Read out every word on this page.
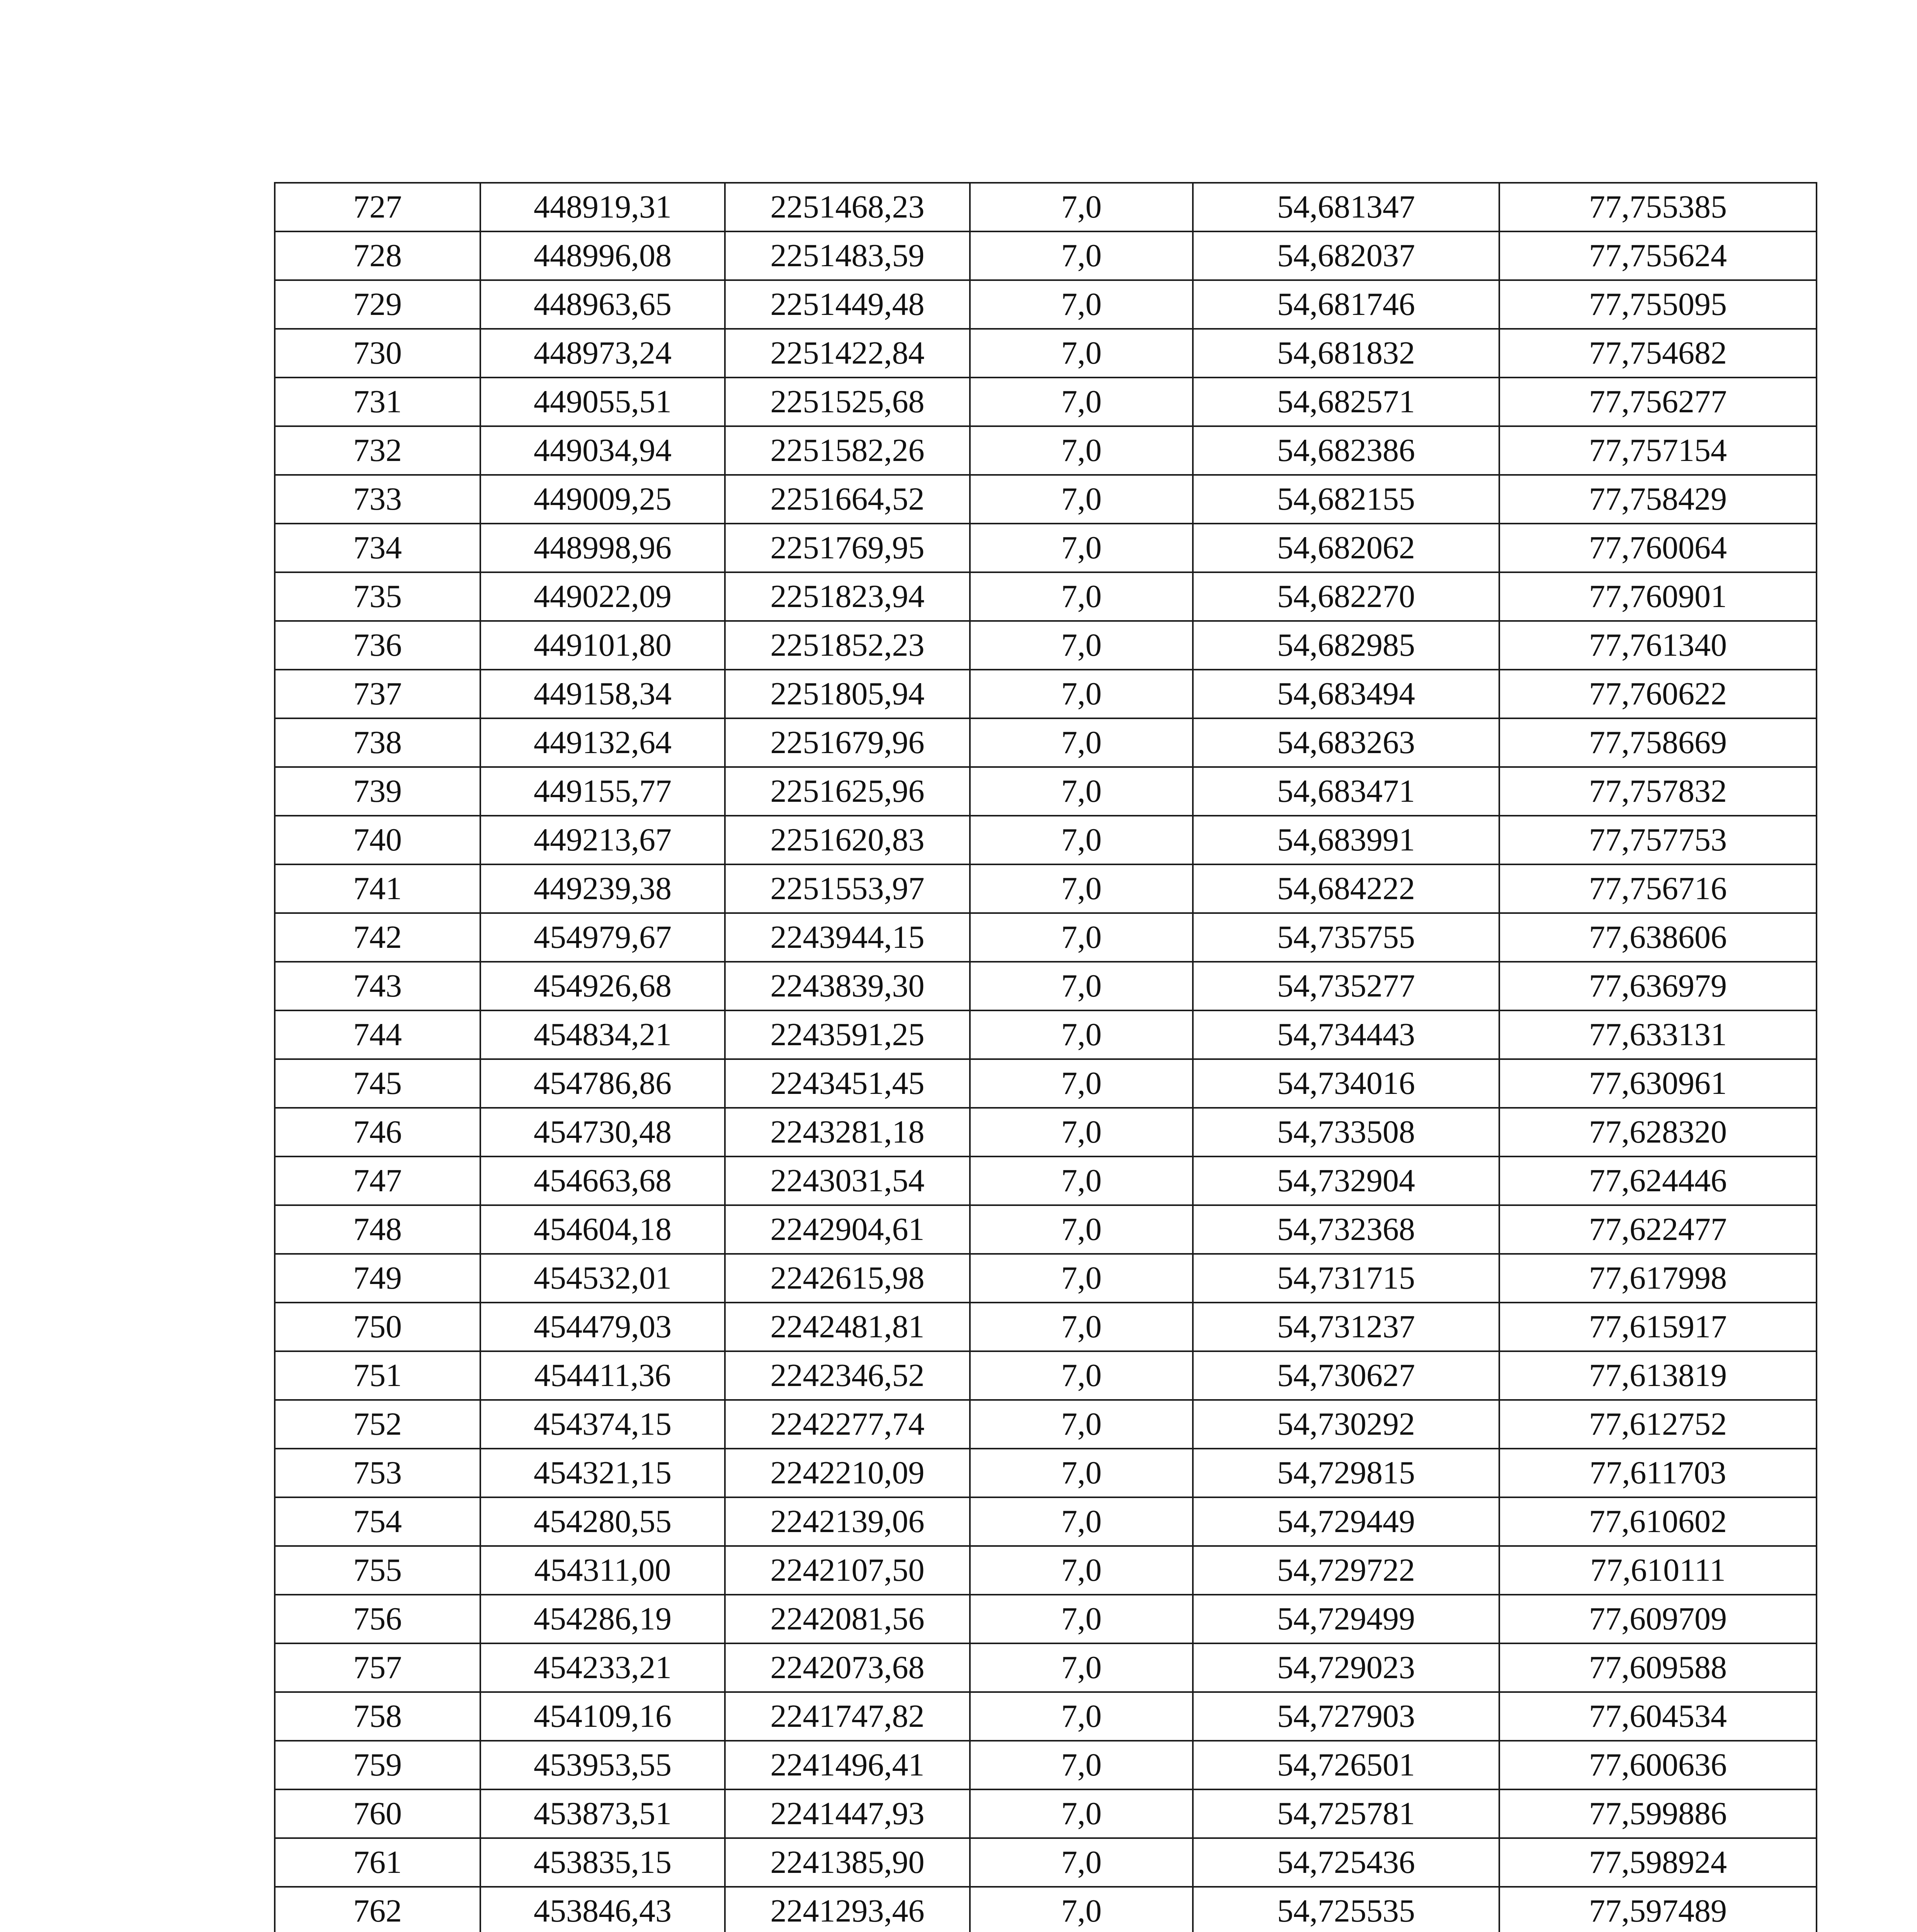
727	448919,31	2251468,23	7,0	54,681347	77,755385
728	448996,08	2251483,59	7,0	54,682037	77,755624
729	448963,65	2251449,48	7,0	54,681746	77,755095
730	448973,24	2251422,84	7,0	54,681832	77,754682
731	449055,51	2251525,68	7,0	54,682571	77,756277
732	449034,94	2251582,26	7,0	54,682386	77,757154
733	449009,25	2251664,52	7,0	54,682155	77,758429
734	448998,96	2251769,95	7,0	54,682062	77,760064
735	449022,09	2251823,94	7,0	54,682270	77,760901
736	449101,80	2251852,23	7,0	54,682985	77,761340
737	449158,34	2251805,94	7,0	54,683494	77,760622
738	449132,64	2251679,96	7,0	54,683263	77,758669
739	449155,77	2251625,96	7,0	54,683471	77,757832
740	449213,67	2251620,83	7,0	54,683991	77,757753
741	449239,38	2251553,97	7,0	54,684222	77,756716
742	454979,67	2243944,15	7,0	54,735755	77,638606
743	454926,68	2243839,30	7,0	54,735277	77,636979
744	454834,21	2243591,25	7,0	54,734443	77,633131
745	454786,86	2243451,45	7,0	54,734016	77,630961
746	454730,48	2243281,18	7,0	54,733508	77,628320
747	454663,68	2243031,54	7,0	54,732904	77,624446
748	454604,18	2242904,61	7,0	54,732368	77,622477
749	454532,01	2242615,98	7,0	54,731715	77,617998
750	454479,03	2242481,81	7,0	54,731237	77,615917
751	454411,36	2242346,52	7,0	54,730627	77,613819
752	454374,15	2242277,74	7,0	54,730292	77,612752
753	454321,15	2242210,09	7,0	54,729815	77,611703
754	454280,55	2242139,06	7,0	54,729449	77,610602
755	454311,00	2242107,50	7,0	54,729722	77,610111
756	454286,19	2242081,56	7,0	54,729499	77,609709
757	454233,21	2242073,68	7,0	54,729023	77,609588
758	454109,16	2241747,82	7,0	54,727903	77,604534
759	453953,55	2241496,41	7,0	54,726501	77,600636
760	453873,51	2241447,93	7,0	54,725781	77,599886
761	453835,15	2241385,90	7,0	54,725436	77,598924
762	453846,43	2241293,46	7,0	54,725535	77,597489
